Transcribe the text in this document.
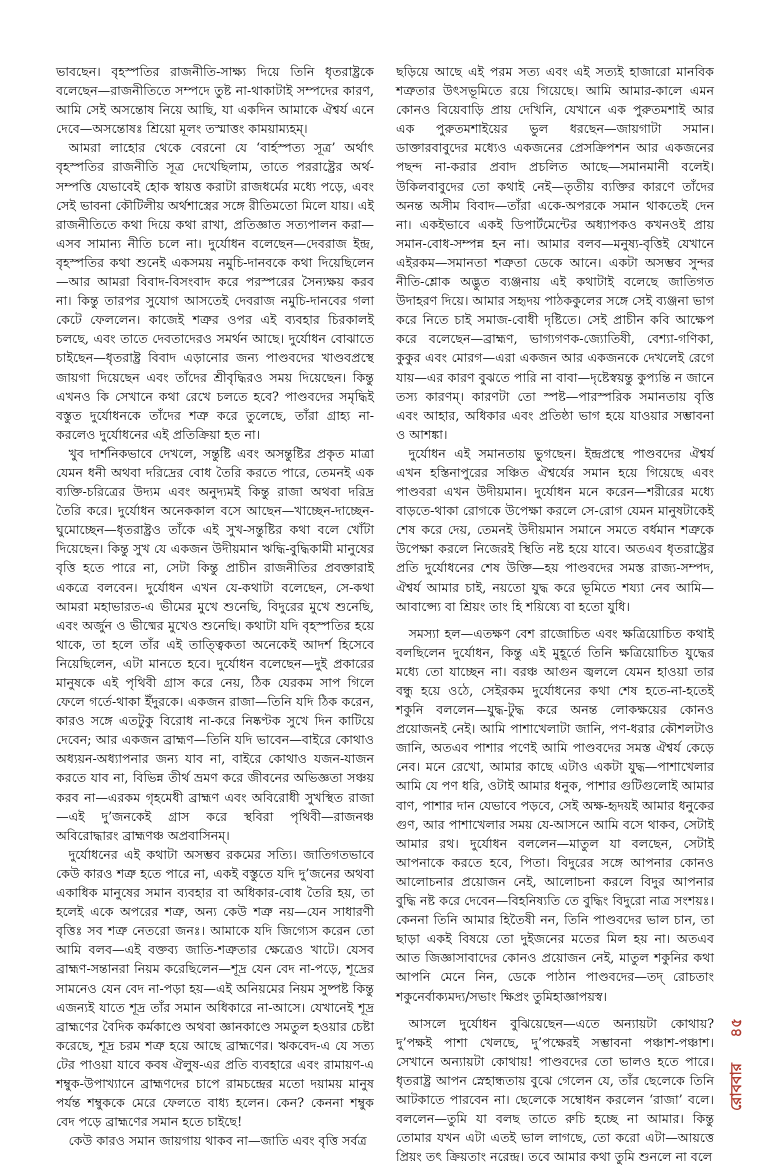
ভাবছেন। বৃহস্পতির রাজনীতি-সাক্ষ্য দিয়ে তিনি ধৃতরাষ্ট্রকে বলেছেন—রাজনীতিতে সম্পদে তুষ্ট না-থাকাটাই সম্পদের কারণ, আমি সেই অসন্তোষ নিয়ে আছি, যা একদিন আমাকে ঐশ্বর্য এনে দেবে—অসন্তোষঃ শ্রিয়ো মূলং তস্মাত্তং কাময়াম্যহম্‌।

আমরা লাহোর থেকে বেরনো যে ‘বার্হস্পত্য সূত্র’ অর্থাৎ বৃহস্পতির রাজনীতি সূত্র দেখেছিলাম, তাতে পররাষ্ট্রের অর্থ-সম্পত্তি যেভাবেই হোক স্বায়ত্ত করাটা রাজধর্মের মধ্যে পড়ে, এবং সেই ভাবনা কৌটিলীয় অর্থশাস্ত্রের সঙ্গে রীতিমতো মিলে যায়। এই রাজনীতিতে কথা দিয়ে কথা রাখা, প্রতিজ্ঞাত সত্যপালন করা—এসব সামান্য নীতি চলে না। দুর্যোধন বলেছেন—দেবরাজ ইন্দ্র, বৃহস্পতির কথা শুনেই একসময় নমুচি-দানবকে কথা দিয়েছিলেন—আর আমরা বিবাদ-বিসংবাদ করে পরস্পরের সৈন্যক্ষয় করব না। কিন্তু তারপর সুযোগ আসতেই দেবরাজ নমুচি-দানবের গলা কেটে ফেললেন। কাজেই শত্রুর ওপর এই ব্যবহার চিরকালই চলছে, এবং তাতে দেবতাদেরও সমর্থন আছে। দুর্যোধন বোঝাতে চাইছেন—ধৃতরাষ্ট্র বিবাদ এড়ানোর জন্য পাণ্ডবদের খাণ্ডবপ্রস্থে জায়গা দিয়েছেন এবং তাঁদের শ্রীবৃদ্ধিরও সময় দিয়েছেন। কিন্তু এখনও কি সেখানে কথা রেখে চলতে হবে? পাণ্ডবদের সমৃদ্ধিই বস্তুত দুর্যোধনকে তাঁদের শত্রু করে তুলেছে, তাঁরা গ্রাহ্য না-করলেও দুর্যোধনের এই প্রতিক্রিয়া হত না।

খুব দার্শনিকভাবে দেখলে, সন্তুষ্টি এবং অসন্তুষ্টির প্রকৃত মাত্রা যেমন ধনী অথবা দরিদ্রের বোধ তৈরি করতে পারে, তেমনই এক ব্যক্তি-চরিত্রের উদ্যম এবং অনুদ্যমই কিন্তু রাজা অথবা দরিদ্র তৈরি করে। দুর্যোধন অনেককাল বসে আছেন—খাচ্ছেন-দাচ্ছেন-ঘুমোচ্ছেন—ধৃতরাষ্ট্রও তাঁকে এই সুখ-সন্তুষ্টির কথা বলে খোঁটা দিয়েছেন। কিন্তু সুখ যে একজন উদীয়মান ঋদ্ধি-বুদ্ধিকামী মানুষের বৃত্তি হতে পারে না, সেটা কিন্তু প্রাচীন রাজনীতির প্রবক্তারাই একত্রে বলবেন। দুর্যোধন এখন যে-কথাটা বলেছেন, সে-কথা আমরা মহাভারত-এ ভীমের মুখে শুনেছি, বিদুরের মুখে শুনেছি, এবং অর্জুন ও ভীষ্মের মুখেও শুনেছি। কথাটা যদি বৃহস্পতির হয়ে থাকে, তা হলে তাঁর এই তাত্ত্বিকতা অনেকেই আদর্শ হিসেবে নিয়েছিলেন, এটা মানতে হবে। দুর্যোধন বলেছেন—দুই প্রকারের মানুষকে এই পৃথিবী গ্রাস করে নেয়, ঠিক যেরকম সাপ গিলে ফেলে গর্তে-থাকা ইঁদুরকে। একজন রাজা—তিনি যদি ঠিক করেন, কারও সঙ্গে এতটুকু বিরোধ না-করে নিষ্কণ্টক সুখে দিন কাটিয়ে দেবেন; আর একজন ব্রাহ্মণ—তিনি যদি ভাবেন—বাইরে কোথাও অধ্যয়ন-অধ্যাপনার জন্য যাব না, বাইরে কোথাও যজন-যাজন করতে যাব না, বিভিন্ন তীর্থ ভ্রমণ করে জীবনের অভিজ্ঞতা সঞ্চয় করব না—এরকম গৃহমেধী ব্রাহ্মণ এবং অবিরোধী সুখস্থিত রাজা—এই দু’জনকেই গ্রাস করে স্থবিরা পৃথিবী—রাজনঞ্চ অবিরোদ্ধারং ব্রাহ্মণঞ্চ অপ্রবাসিনম্‌।

দুর্যোধনের এই কথাটা অসম্ভব রকমের সত্যি। জাতিগতভাবে কেউ কারও শত্রু হতে পারে না, একই বস্তুতে যদি দু’জনের অথবা একাধিক মানুষের সমান ব্যবহার বা অধিকার-বোধ তৈরি হয়, তা হলেই একে অপরের শত্রু, অন্য কেউ শত্রু নয়—যেন সাধারণী বৃত্তিঃ সব শত্রু নেতরো জনঃ। আমাকে যদি জিগ্যেস করেন তো আমি বলব—এই বক্তব্য জাতি-শত্রুতার ক্ষেত্রেও খাটে। যেসব ব্রাহ্মণ-সন্তানরা নিয়ম করেছিলেন—শূদ্র যেন বেদ না-পড়ে, শূদ্রের সামনেও যেন বেদ না-পড়া হয়—এই অনিয়মের নিয়ম সুষ্পষ্ট কিন্তু এজন্যই যাতে শূদ্র তাঁর সমান অধিকারে না-আসে। যেখানেই শূদ্র ব্রাহ্মণের বৈদিক কর্মকাণ্ডে অথবা জ্ঞানকাণ্ডে সমতুল হওয়ার চেষ্টা করেছে, শূদ্র চরম শত্রু হয়ে আছে ব্রাহ্মণের। ঋকবেদ-এ যে সত্য টের পাওয়া যাবে কবষ ঐলুষ-এর প্রতি ব্যবহারে এবং রামায়ণ-এ শম্বুক-উপাখ্যানে ব্রাহ্মণদের চাপে রামচন্দ্রের মতো দয়াময় মানুষ পর্যন্ত শম্বুককে মেরে ফেলতে বাধ্য হলেন। কেন? কেননা শম্বুক বেদ পড়ে ব্রাহ্মণের সমান হতে চাইছে!

কেউ কারও সমান জায়গায় থাকব না—জাতি এবং বৃত্তি সর্বত্র

ছড়িয়ে আছে এই পরম সত্য এবং এই সত্যই হাজারো মানবিক শত্রুতার উৎসভূমিতে রয়ে গিয়েছে। আমি আমার-কালে এমন কোনও বিয়েবাড়ি প্রায় দেখিনি, যেখানে এক পুরুতমশাই আর এক পুরুতমশাইয়ের ভুল ধরছেন—জায়গাটা সমান। ডাক্তারবাবুদের মধ্যেও একজনের প্রেসক্রিপশন আর একজনের পছন্দ না-করার প্রবাদ প্রচলিত আছে—সমানমানী বলেই। উকিলবাবুদের তো কথাই নেই—তৃতীয় ব্যক্তির কারণে তাঁদের অনন্ত অসীম বিবাদ—তাঁরা একে-অপরকে সমান থাকতেই দেন না। একইভাবে একই ডিপার্টমেন্টের অধ্যাপকও কখনওই প্রায় সমান-বোধ-সম্পন্ন হন না। আমার বলব—মনুষ্য-বৃত্তিই যেখানে এইরকম—সমানতা শত্রুতা ডেকে আনে। একটা অসম্ভব সুন্দর নীতি-শ্লোক অদ্ভুত ব্যঞ্জনায় এই কথাটাই বলেছে জাতিগত উদাহরণ দিয়ে। আমার সহৃদয় পাঠককুলের সঙ্গে সেই ব্যঞ্জনা ভাগ করে নিতে চাই সমাজ-বোধী দৃষ্টিতে। সেই প্রাচীন কবি আক্ষেপ করে বলেছেন—ব্রাহ্মণ, ভাগ্যগণক-জ্যোতিষী, বেশ্যা-গণিকা, কুকুর এবং মোরগ—এরা একজন আর একজনকে দেখলেই রেগে যায়—এর কারণ বুঝতে পারি না বাবা—দৃষ্টেস্বয়ন্তু কুপ্যন্তি ন জানে তস্য কারণম্‌। কারণটা তো স্পষ্ট—পারস্পরিক সমানতায় বৃত্তি এবং আহার, অধিকার এবং প্রতিষ্ঠা ভাগ হয়ে যাওয়ার সম্ভাবনা ও আশঙ্কা।

দুর্যোধন এই সমানতায় ভুগছেন। ইন্দ্রপ্রস্থে পাণ্ডবদের ঐশ্বর্য এখন হস্তিনাপুরের সঞ্চিত ঐশ্বর্যের সমান হয়ে গিয়েছে এবং পাণ্ডবরা এখন উদীয়মান। দুর্যোধন মনে করেন—শরীরের মধ্যে বাড়তে-থাকা রোগকে উপেক্ষা করলে সে-রোগ যেমন মানুষটাকেই শেষ করে দেয়, তেমনই উদীয়মান সমানে সমতে বর্ধমান শত্রুকে উপেক্ষা করলে নিজেরই স্থিতি নষ্ট হয়ে যাবে। অতএব ধৃতরাষ্ট্রের প্রতি দুর্যোধনের শেষ উক্তি—হয় পাণ্ডবদের সমস্ত রাজ্য-সম্পদ, ঐশ্বর্য আমার চাই, নয়তো যুদ্ধ করে ভূমিতে শয্যা নেব আমি—আবাপ্স্যে বা শ্রিয়ং তাং হি শয়িষ্যে বা হতো যুধি।

সমস্যা হল—এতক্ষণ বেশ রাজোচিত এবং ক্ষত্রিয়োচিত কথাই বলছিলেন দুর্যোধন, কিন্তু এই মুহূর্তে তিনি ক্ষত্রিয়োচিত যুদ্ধের মধ্যে তো যাচ্ছেন না। বরঞ্চ আগুন জ্বললে যেমন হাওয়া তার বন্ধু হয়ে ওঠে, সেইরকম দুর্যোধনের কথা শেষ হতে-না-হতেই শকুনি বললেন—যুদ্ধ-টুদ্ধ করে অনন্ত লোকক্ষয়ের কোনও প্রয়োজনই নেই। আমি পাশাখেলাটা জানি, পণ-ধরার কৌশলটাও জানি, অতএব পাশার পণেই আমি পাণ্ডবদের সমস্ত ঐশ্বর্য কেড়ে নেব। মনে রেখো, আমার কাছে এটাও একটা যুদ্ধ—পাশাখেলার আমি যে পণ ধরি, ওটাই আমার ধনুক, পাশার গুটিগুলোই আমার বাণ, পাশার দান যেভাবে পড়বে, সেই অক্ষ-হৃদয়ই আমার ধনুকের গুণ, আর পাশাখেলার সময় যে-আসনে আমি বসে থাকব, সেটাই আমার রথ। দুর্যোধন বললেন—মাতুল যা বলছেন, সেটাই আপনাকে করতে হবে, পিতা। বিদুরের সঙ্গে আপনার কোনও আলোচনার প্রয়োজন নেই, আলোচনা করলে বিদুর আপনার বুদ্ধি নষ্ট করে দেবেন—বিহনিষ্যতি তে বুদ্ধিং বিদুরো নাত্র সংশয়ঃ। কেননা তিনি আমার হিতৈষী নন, তিনি পাণ্ডবদের ভাল চান, তা ছাড়া একই বিষয়ে তো দুইজনের মতের মিল হয় না। অতএব আত জিজ্ঞাসাবাদের কোনও প্রয়োজন নেই, মাতুল শকুনির কথা আপনি মেনে নিন, ডেকে পাঠান পাণ্ডবদের—তদ্‌ রোচতাং শকুনের্বাক্যমদ্য/সভাং ক্ষিপ্রং তুমিহাজ্ঞাপয়স্ব।

আসলে দুর্যোধন বুঝিয়েছেন—এতে অন্যায়টা কোথায়? দু’পক্ষই পাশা খেলছে, দু’পক্ষেরই সম্ভাবনা পঞ্চাশ-পঞ্চাশ। সেখানে অন্যায়টা কোথায়! পাণ্ডবদের তো ভালও হতে পারে। ধৃতরাষ্ট্র আপন স্নেহান্ধতায় বুঝে গেলেন যে, তাঁর ছেলেকে তিনি আটকাতে পারবেন না। ছেলেকে সম্বোধন করলেন ‘রাজা’ বলে। বললেন—তুমি যা বলছ তাতে রুচি হচ্ছে না আমার। কিন্তু তোমার যখন এটা এতই ভাল লাগছে, তো করো এটা—আয়ত্তে প্রিয়ং তৎ ক্রিয়তাং নরেন্দ্র। তবে আমার কথা তুমি শুনলে না বলে

রোববার   ৪৫
